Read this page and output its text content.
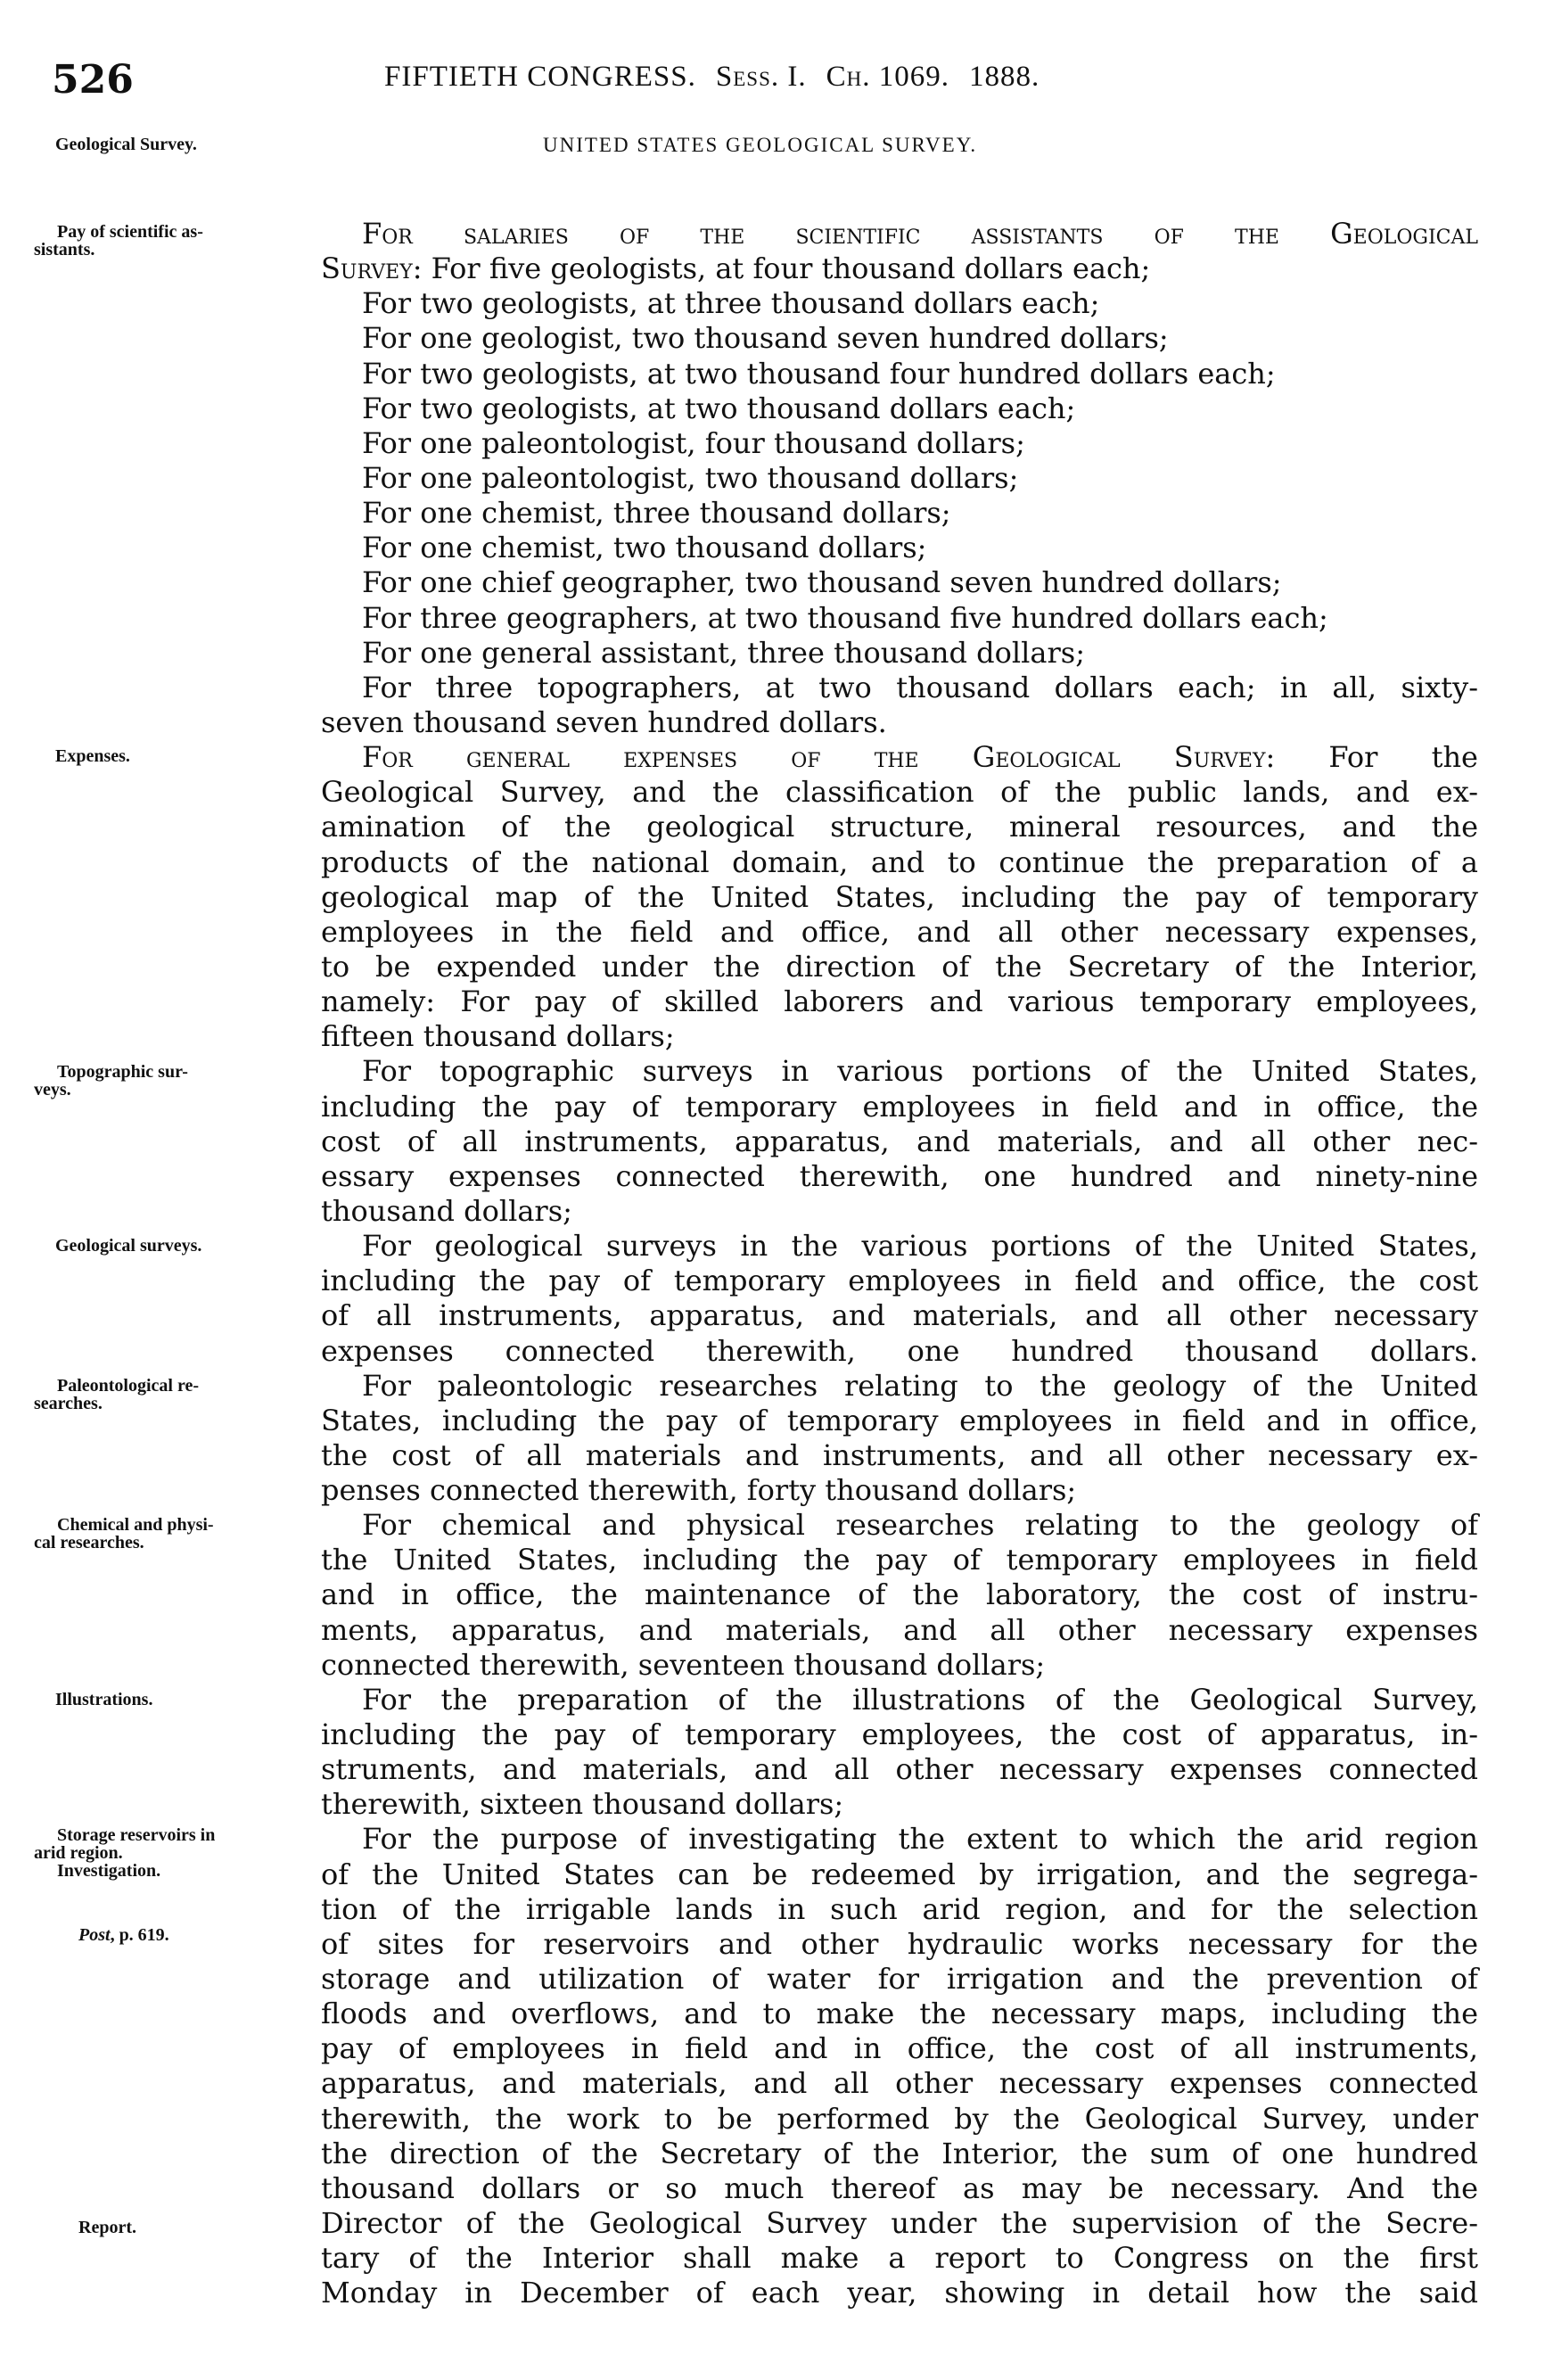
526	FIFTIETH CONGRESS. Sess. I. Ch. 1069. 1888.
UNITED STATES GEOLOGICAL SURVEY.
Geological Survey.
Pay of scientific as-
sistants.
Expenses.
Topographic sur-
veys.
Geological surveys.
Paleontological re-
searches.
Chemical and physi-
cal researches.
Illustrations.
Storage reservoirs in
arid region.
Investigation.
Post, p. 619.
Report.
For salaries of the scientific assistants of the Geological
Survey: For five geologists, at four thousand dollars each;
For two geologists, at three thousand dollars each;
For one geologist, two thousand seven hundred dollars;
For two geologists, at two thousand four hundred dollars each;
For two geologists, at two thousand dollars each;
For one paleontologist, four thousand dollars;
For one paleontologist, two thousand dollars;
For one chemist, three thousand dollars;
For one chemist, two thousand dollars;
For one chief geographer, two thousand seven hundred dollars;
For three geographers, at two thousand five hundred dollars each;
For one general assistant, three thousand dollars;
For three topographers, at two thousand dollars each; in all, sixty-
seven thousand seven hundred dollars.
For general expenses of the Geological Survey: For the
Geological Survey, and the classification of the public lands, and ex-
amination of the geological structure, mineral resources, and the
products of the national domain, and to continue the preparation of a
geological map of the United States, including the pay of temporary
employees in the field and office, and all other necessary expenses,
to be expended under the direction of the Secretary of the Interior,
namely: For pay of skilled laborers and various temporary employees,
fifteen thousand dollars;
For topographic surveys in various portions of the United States,
including the pay of temporary employees in field and in office, the
cost of all instruments, apparatus, and materials, and all other nec-
essary expenses connected therewith, one hundred and ninety-nine
thousand dollars;
For geological surveys in the various portions of the United States,
including the pay of temporary employees in field and office, the cost
of all instruments, apparatus, and materials, and all other necessary
expenses connected therewith, one hundred thousand dollars.
For paleontologic researches relating to the geology of the United
States, including the pay of temporary employees in field and in office,
the cost of all materials and instruments, and all other necessary ex-
penses connected therewith, forty thousand dollars;
For chemical and physical researches relating to the geology of
the United States, including the pay of temporary employees in field
and in office, the maintenance of the laboratory, the cost of instru-
ments, apparatus, and materials, and all other necessary expenses
connected therewith, seventeen thousand dollars;
For the preparation of the illustrations of the Geological Survey,
including the pay of temporary employees, the cost of apparatus, in-
struments, and materials, and all other necessary expenses connected
therewith, sixteen thousand dollars;
For the purpose of investigating the extent to which the arid region
of the United States can be redeemed by irrigation, and the segrega-
tion of the irrigable lands in such arid region, and for the selection
of sites for reservoirs and other hydraulic works necessary for the
storage and utilization of water for irrigation and the prevention of
floods and overflows, and to make the necessary maps, including the
pay of employees in field and in office, the cost of all instruments,
apparatus, and materials, and all other necessary expenses connected
therewith, the work to be performed by the Geological Survey, under
the direction of the Secretary of the Interior, the sum of one hundred
thousand dollars or so much thereof as may be necessary. And the
Director of the Geological Survey under the supervision of the Secre-
tary of the Interior shall make a report to Congress on the first
Monday in December of each year, showing in detail how the said
